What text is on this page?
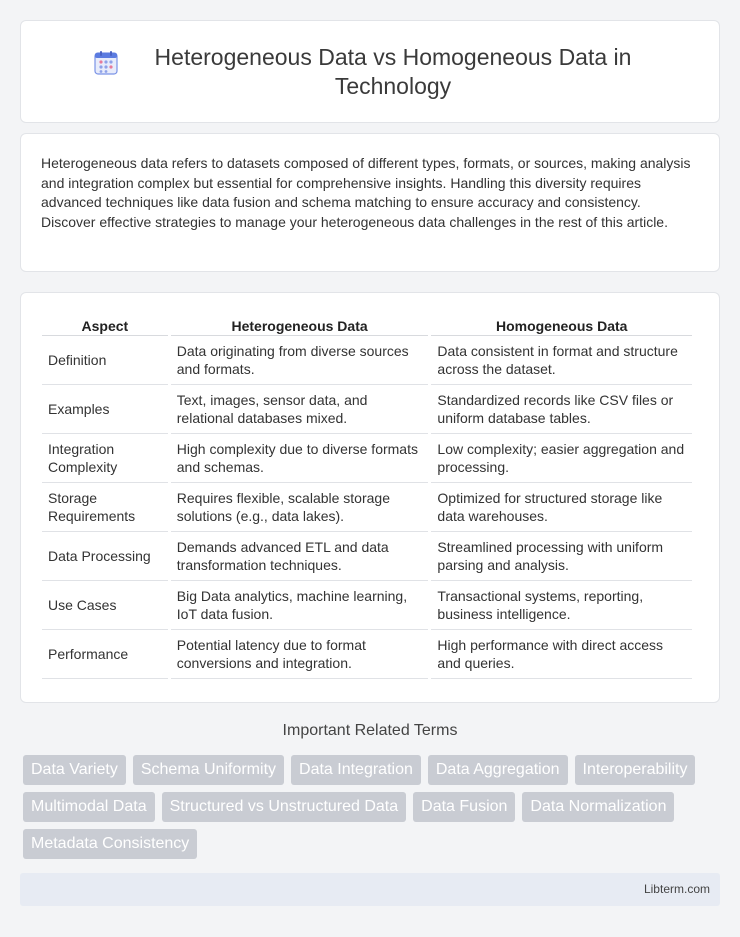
Heterogeneous Data vs Homogeneous Data in Technology

Heterogeneous data refers to datasets composed of different types, formats, or sources, making analysis and integration complex but essential for comprehensive insights. Handling this diversity requires advanced techniques like data fusion and schema matching to ensure accuracy and consistency. Discover effective strategies to manage your heterogeneous data challenges in the rest of this article.

Aspect	Heterogeneous Data	Homogeneous Data
Definition	Data originating from diverse sources and formats.	Data consistent in format and structure across the dataset.
Examples	Text, images, sensor data, and relational databases mixed.	Standardized records like CSV files or uniform database tables.
Integration Complexity	High complexity due to diverse formats and schemas.	Low complexity; easier aggregation and processing.
Storage Requirements	Requires flexible, scalable storage solutions (e.g., data lakes).	Optimized for structured storage like data warehouses.
Data Processing	Demands advanced ETL and data transformation techniques.	Streamlined processing with uniform parsing and analysis.
Use Cases	Big Data analytics, machine learning, IoT data fusion.	Transactional systems, reporting, business intelligence.
Performance	Potential latency due to format conversions and integration.	High performance with direct access and queries.
Important Related Terms
Data Variety	Schema Uniformity	Data Integration	Data Aggregation	Interoperability
Multimodal Data	Structured vs Unstructured Data	Data Fusion	Data Normalization
Metadata Consistency
Libterm.com
